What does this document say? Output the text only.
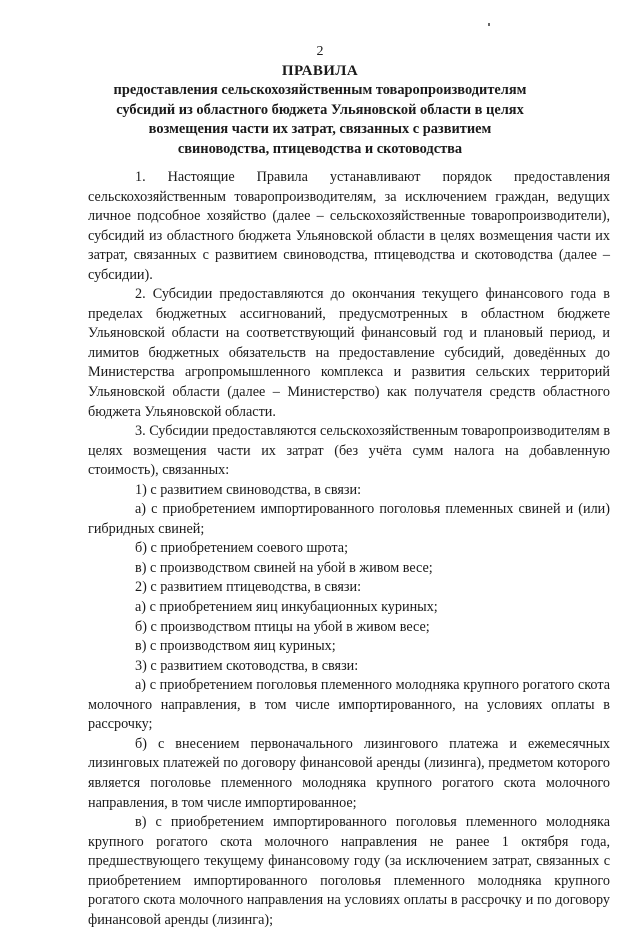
2
ПРАВИЛА
предоставления сельскохозяйственным товаропроизводителям
субсидий из областного бюджета Ульяновской области в целях
возмещения части их затрат, связанных с развитием
свиноводства, птицеводства и скотоводства

1. Настоящие Правила устанавливают порядок предоставления сельскохозяйственным товаропроизводителям, за исключением граждан, ведущих личное подсобное хозяйство (далее – сельскохозяйственные товаропроизводители), субсидий из областного бюджета Ульяновской области в целях возмещения части их затрат, связанных с развитием свиноводства, птицеводства и скотоводства (далее – субсидии).

2. Субсидии предоставляются до окончания текущего финансового года в пределах бюджетных ассигнований, предусмотренных в областном бюджете Ульяновской области на соответствующий финансовый год и плановый период, и лимитов бюджетных обязательств на предоставление субсидий, доведённых до Министерства агропромышленного комплекса и развития сельских территорий Ульяновской области (далее – Министерство) как получателя средств областного бюджета Ульяновской области.

3. Субсидии предоставляются сельскохозяйственным товаропроизводителям в целях возмещения части их затрат (без учёта сумм налога на добавленную стоимость), связанных:

1) с развитием свиноводства, в связи:

а) с приобретением импортированного поголовья племенных свиней и (или) гибридных свиней;

б) с приобретением соевого шрота;

в) с производством свиней на убой в живом весе;

2) с развитием птицеводства, в связи:

а) с приобретением яиц инкубационных куриных;

б) с производством птицы на убой в живом весе;

в) с производством яиц куриных;

3) с развитием скотоводства, в связи:

а) с приобретением поголовья племенного молодняка крупного рогатого скота молочного направления, в том числе импортированного, на условиях оплаты в рассрочку;

б) с внесением первоначального лизингового платежа и ежемесячных лизинговых платежей по договору финансовой аренды (лизинга), предметом которого является поголовье племенного молодняка крупного рогатого скота молочного направления, в том числе импортированное;

в) с приобретением импортированного поголовья племенного молодняка крупного рогатого скота молочного направления не ранее 1 октября года, предшествующего текущему финансовому году (за исключением затрат, связанных с приобретением импортированного поголовья племенного молодняка крупного рогатого скота молочного направления на условиях оплаты в рассрочку и по договору финансовой аренды (лизинга);
